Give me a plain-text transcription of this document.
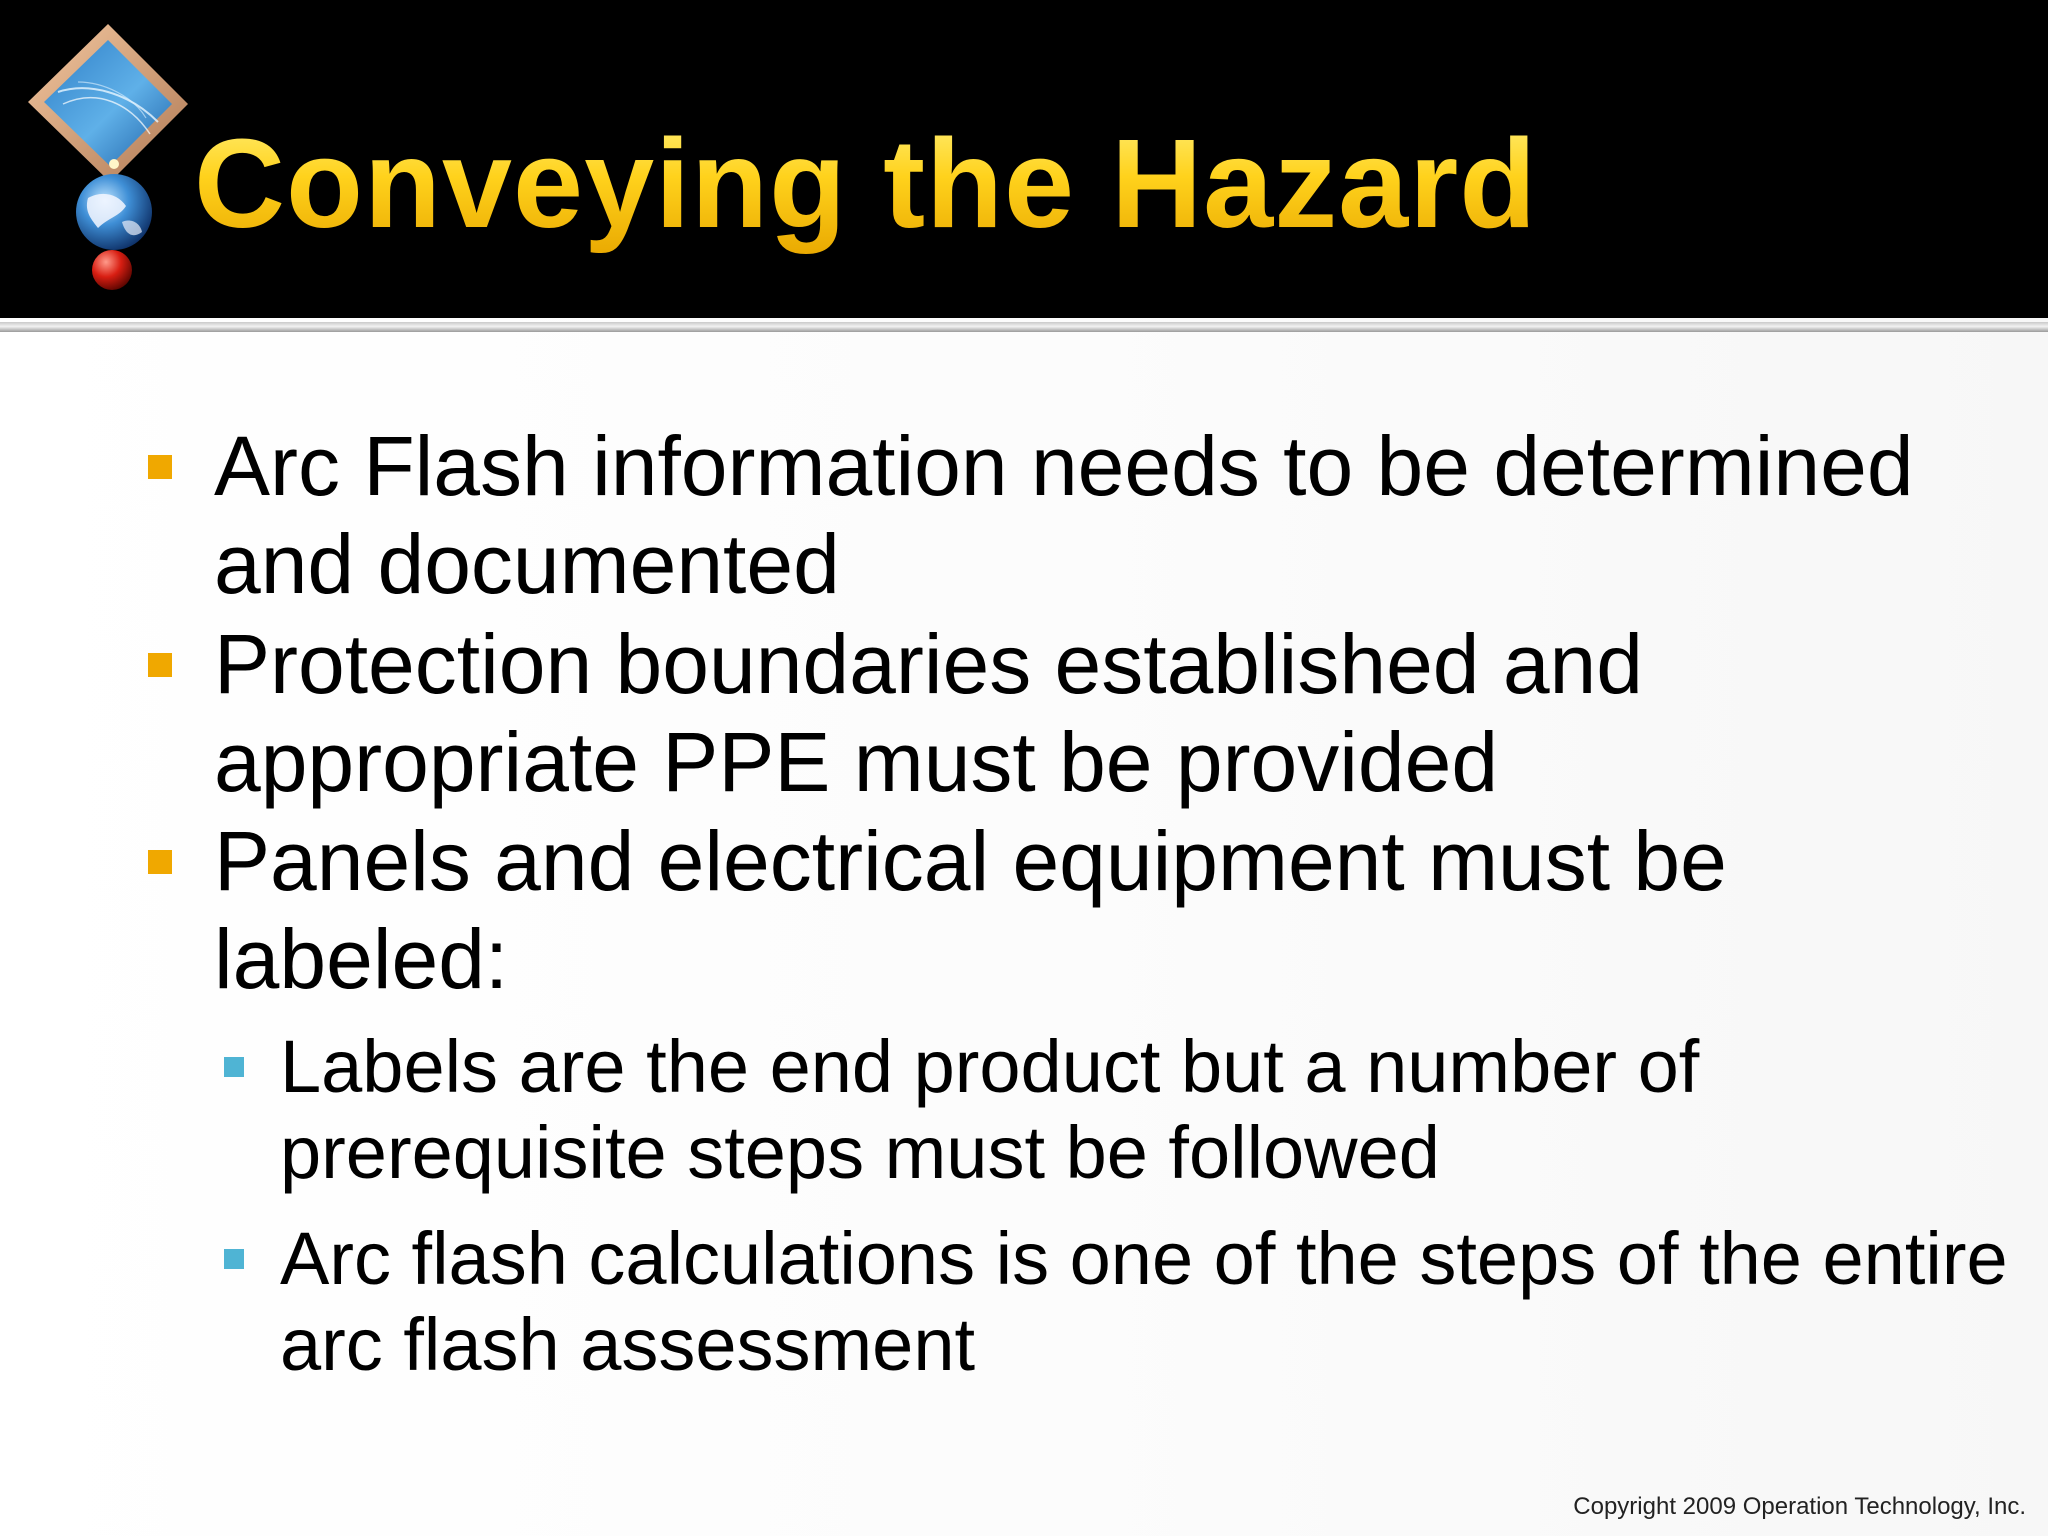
Conveying the Hazard

Arc Flash information needs to be determined and documented

Protection boundaries established and appropriate PPE must be provided

Panels and electrical equipment must be labeled:

Labels are the end product but a number of prerequisite steps must be followed

Arc flash calculations is one of the steps of the entire arc flash assessment

Copyright 2009 Operation Technology, Inc.
